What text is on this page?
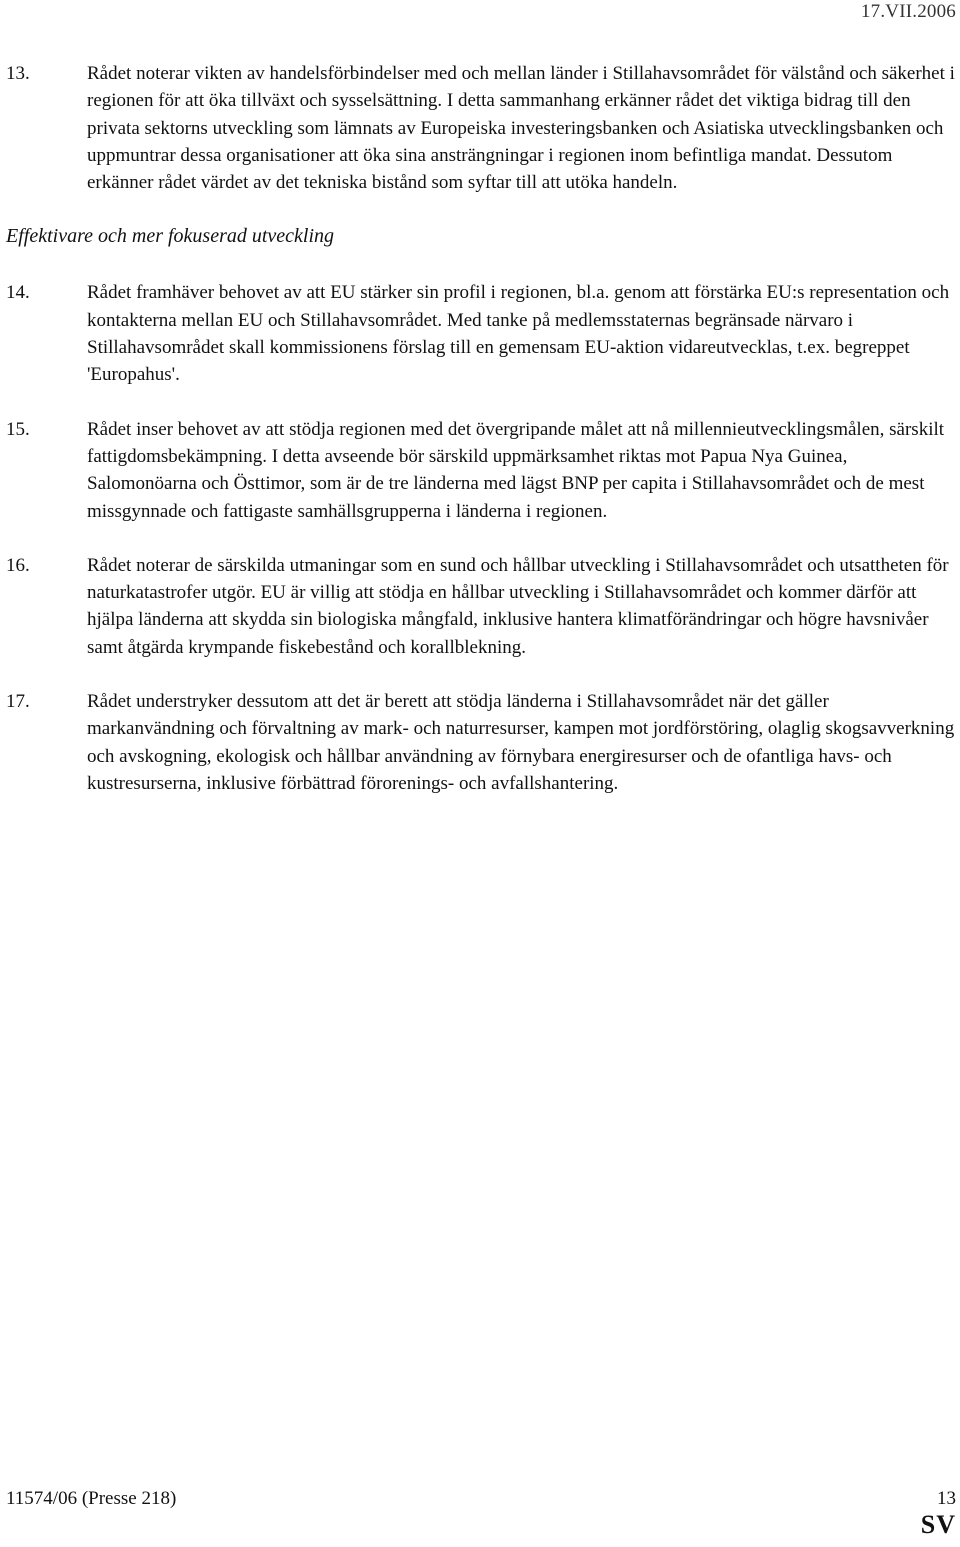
17.VII.2006
13.	Rådet noterar vikten av handelsförbindelser med och mellan länder i Stillahavsområdet för välstånd och säkerhet i regionen för att öka tillväxt och sysselsättning. I detta sammanhang erkänner rådet det viktiga bidrag till den privata sektorns utveckling som lämnats av Europeiska investeringsbanken och Asiatiska utvecklingsbanken och uppmuntrar dessa organisationer att öka sina ansträngningar i regionen inom befintliga mandat. Dessutom erkänner rådet värdet av det tekniska bistånd som syftar till att utöka handeln.
Effektivare och mer fokuserad utveckling
14.	Rådet framhäver behovet av att EU stärker sin profil i regionen, bl.a. genom att förstärka EU:s representation och kontakterna mellan EU och Stillahavsområdet. Med tanke på medlemsstaternas begränsade närvaro i Stillahavsområdet skall kommissionens förslag till en gemensam EU-aktion vidareutvecklas, t.ex. begreppet 'Europahus'.
15.	Rådet inser behovet av att stödja regionen med det övergripande målet att nå millennieutvecklingsmålen, särskilt fattigdomsbekämpning. I detta avseende bör särskild uppmärksamhet riktas mot Papua Nya Guinea, Salomonöarna och Östtimor, som är de tre länderna med lägst BNP per capita i Stillahavsområdet och de mest missgynnade och fattigaste samhällsgrupperna i länderna i regionen.
16.	Rådet noterar de särskilda utmaningar som en sund och hållbar utveckling i Stillahavsområdet och utsattheten för naturkatastrofer utgör. EU är villig att stödja en hållbar utveckling i Stillahavsområdet och kommer därför att hjälpa länderna att skydda sin biologiska mångfald, inklusive hantera klimatförändringar och högre havsnivåer samt åtgärda krympande fiskebestånd och korallblekning.
17.	Rådet understryker dessutom att det är berett att stödja länderna i Stillahavsområdet när det gäller markanvändning och förvaltning av mark- och naturresurser, kampen mot jordförstöring, olaglig skogsavverkning och avskogning, ekologisk och hållbar användning av förnybara energiresurser och de ofantliga havs- och kustresurserna, inklusive förbättrad förorenings- och avfallshantering.
11574/06 (Presse 218)	13
SV
